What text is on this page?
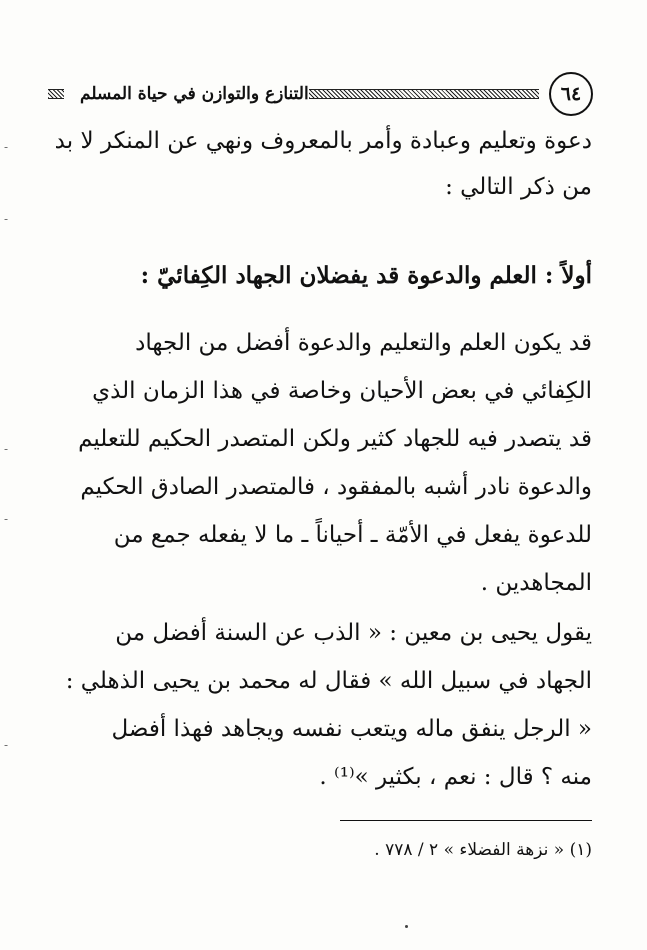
٦٤
التنازع والتوازن في حياة المسلم
دعوة وتعليم وعبادة وأمر بالمعروف ونهي عن المنكر لا بد
من ذكر التالي :
أولاً : العلم والدعوة قد يفضلان الجهاد الكِفائيّ :
قد يكون العلم والتعليم والدعوة أفضل من الجهاد
الكِفائي في بعض الأحيان وخاصة في هذا الزمان الذي
قد يتصدر فيه للجهاد كثير ولكن المتصدر الحكيم للتعليم
والدعوة نادر أشبه بالمفقود ، فالمتصدر الصادق الحكيم
للدعوة يفعل في الأمّة ـ أحياناً ـ ما لا يفعله جمع من
المجاهدين .
يقول يحيى بن معين : « الذب عن السنة أفضل من
الجهاد في سبيل الله » فقال له محمد بن يحيى الذهلي :
« الرجل ينفق ماله ويتعب نفسه ويجاهد فهذا أفضل
منه ؟ قال : نعم ، بكثير »⁽¹⁾ .
(١) « نزهة الفضلاء » ٢ / ٧٧٨ .
-
-
-
-
-
